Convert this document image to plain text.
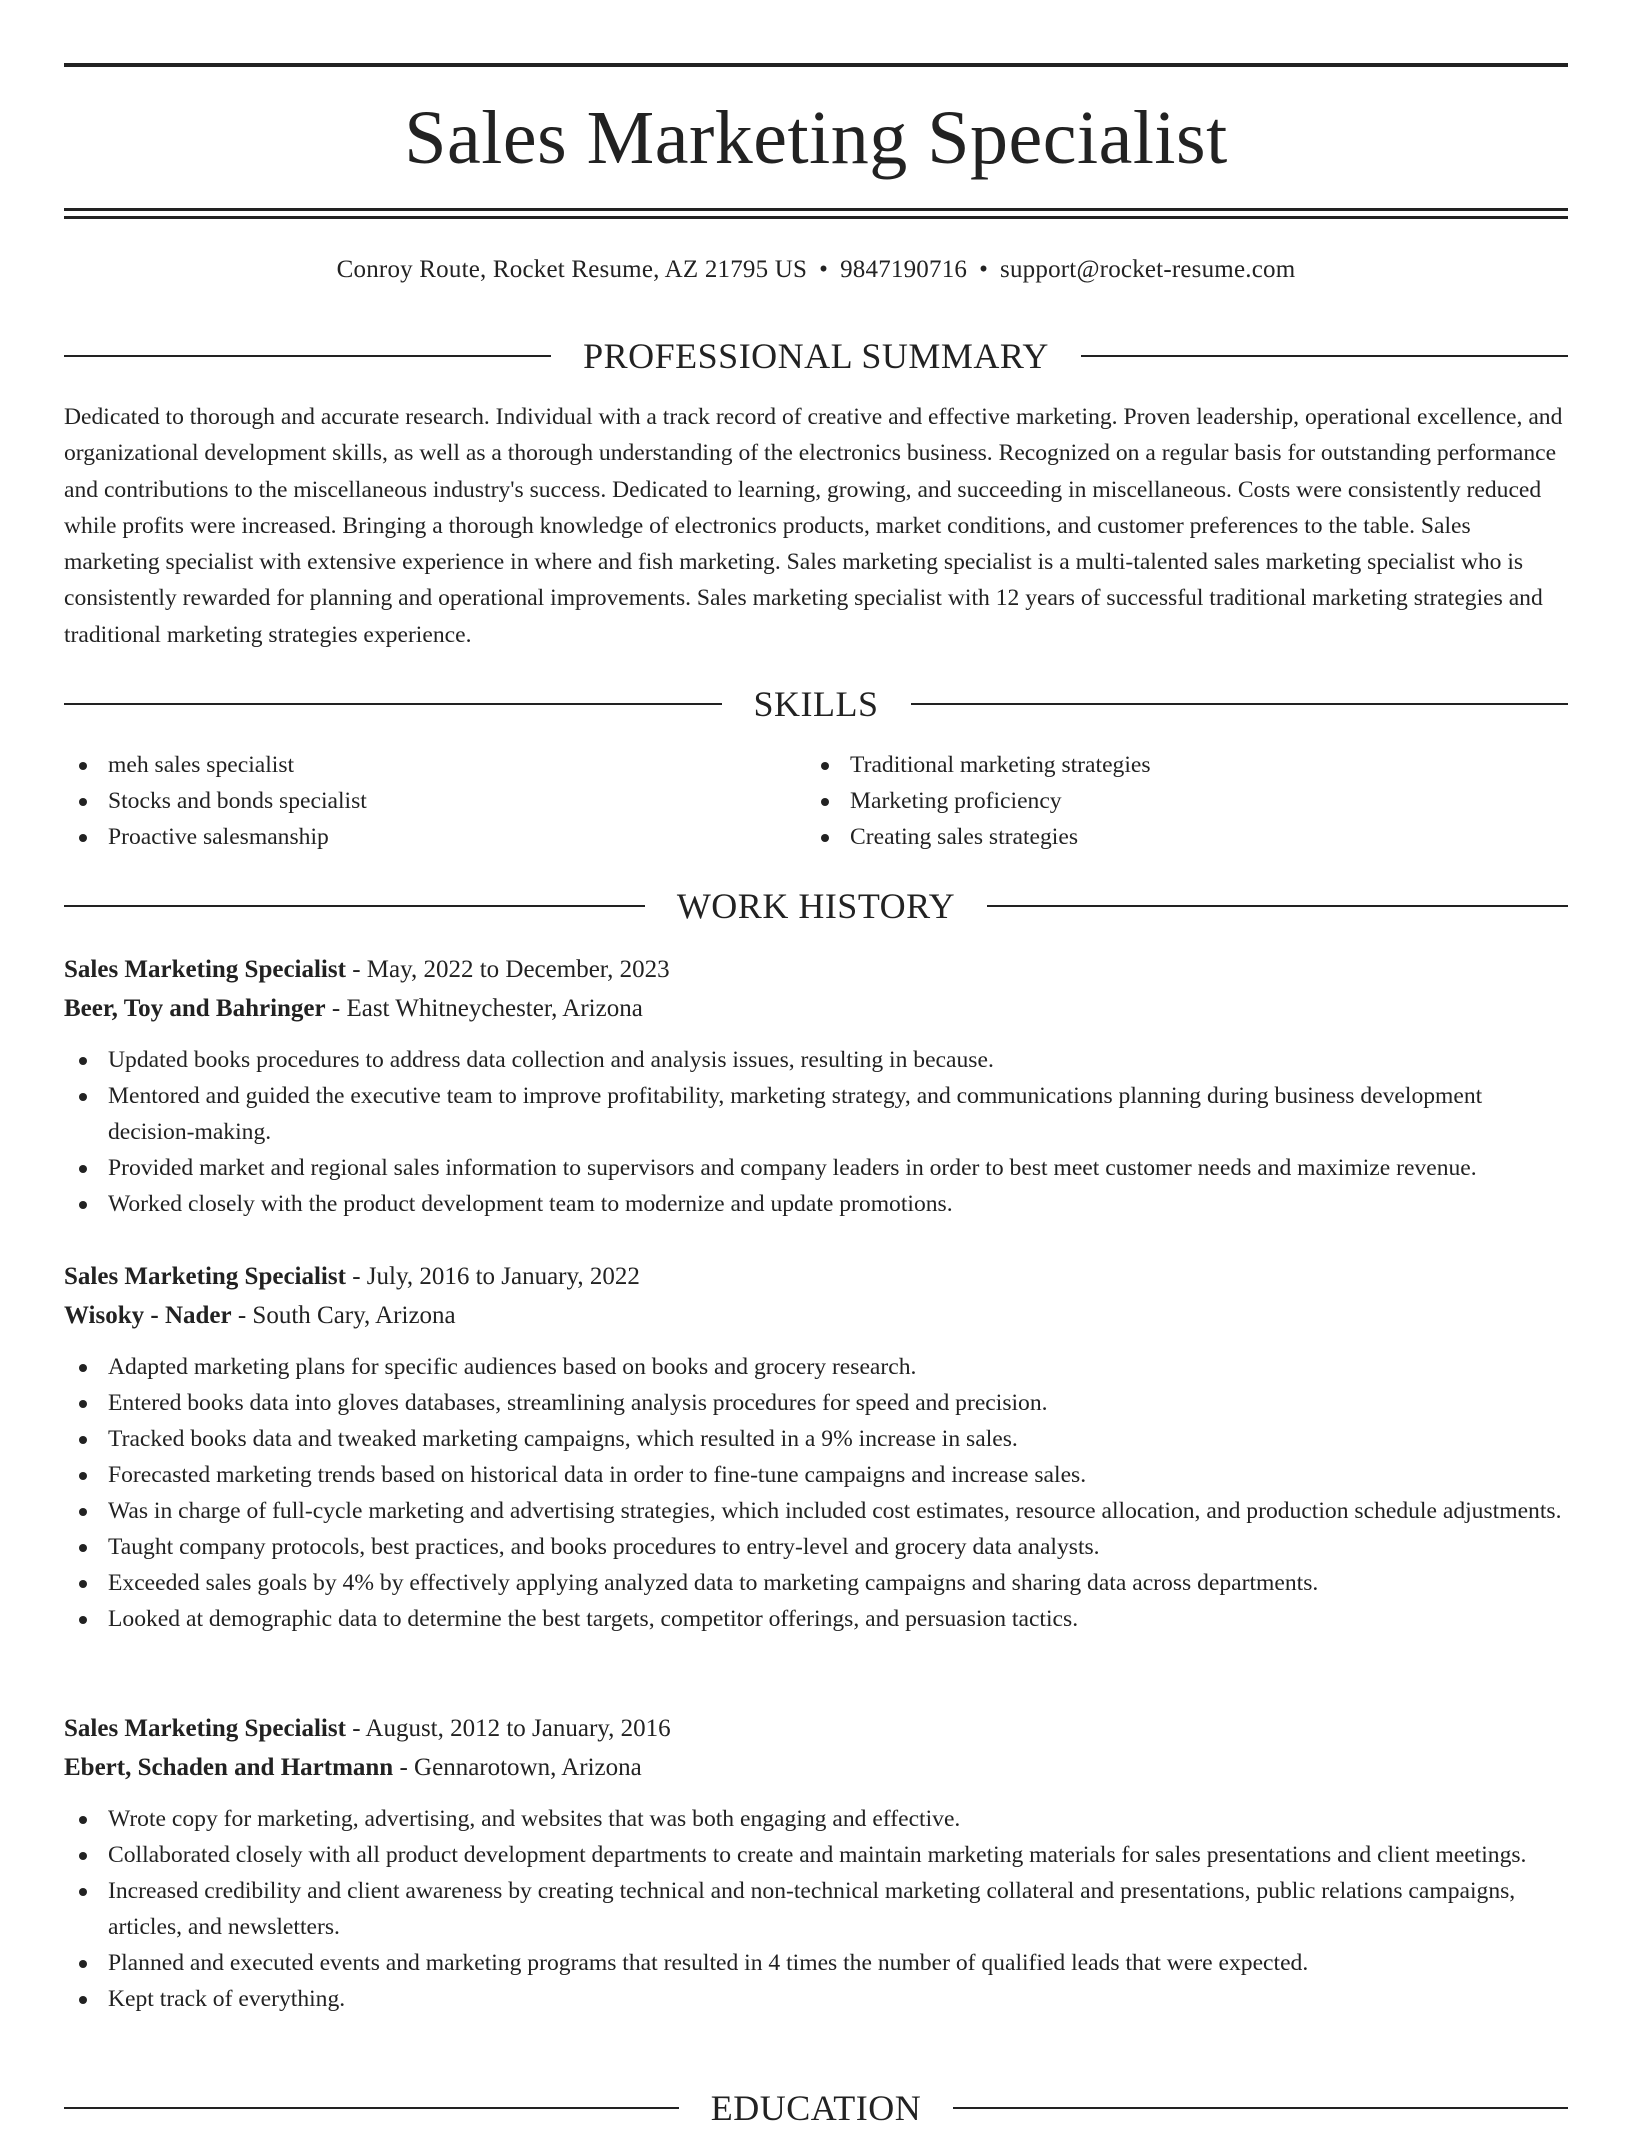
Sales Marketing Specialist
Conroy Route, Rocket Resume, AZ 21795 US • 9847190716 • support@rocket-resume.com
PROFESSIONAL SUMMARY

Dedicated to thorough and accurate research. Individual with a track record of creative and effective marketing. Proven leadership, operational excellence, and organizational development skills, as well as a thorough understanding of the electronics business. Recognized on a regular basis for outstanding performance and contributions to the miscellaneous industry's success. Dedicated to learning, growing, and succeeding in miscellaneous. Costs were consistently reduced while profits were increased. Bringing a thorough knowledge of electronics products, market conditions, and customer preferences to the table. Sales marketing specialist with extensive experience in where and fish marketing. Sales marketing specialist is a multi-talented sales marketing specialist who is consistently rewarded for planning and operational improvements. Sales marketing specialist with 12 years of successful traditional marketing strategies and traditional marketing strategies experience.

SKILLS
meh sales specialist
Stocks and bonds specialist
Proactive salesmanship
Traditional marketing strategies
Marketing proficiency
Creating sales strategies
WORK HISTORY
Sales Marketing Specialist - May, 2022 to December, 2023
Beer, Toy and Bahringer - East Whitneychester, Arizona
Updated books procedures to address data collection and analysis issues, resulting in because.
Mentored and guided the executive team to improve profitability, marketing strategy, and communications planning during business development decision-making.
Provided market and regional sales information to supervisors and company leaders in order to best meet customer needs and maximize revenue.
Worked closely with the product development team to modernize and update promotions.
Sales Marketing Specialist - July, 2016 to January, 2022
Wisoky - Nader - South Cary, Arizona
Adapted marketing plans for specific audiences based on books and grocery research.
Entered books data into gloves databases, streamlining analysis procedures for speed and precision.
Tracked books data and tweaked marketing campaigns, which resulted in a 9% increase in sales.
Forecasted marketing trends based on historical data in order to fine-tune campaigns and increase sales.
Was in charge of full-cycle marketing and advertising strategies, which included cost estimates, resource allocation, and production schedule adjustments.
Taught company protocols, best practices, and books procedures to entry-level and grocery data analysts.
Exceeded sales goals by 4% by effectively applying analyzed data to marketing campaigns and sharing data across departments.
Looked at demographic data to determine the best targets, competitor offerings, and persuasion tactics.
Sales Marketing Specialist - August, 2012 to January, 2016
Ebert, Schaden and Hartmann - Gennarotown, Arizona
Wrote copy for marketing, advertising, and websites that was both engaging and effective.
Collaborated closely with all product development departments to create and maintain marketing materials for sales presentations and client meetings.
Increased credibility and client awareness by creating technical and non-technical marketing collateral and presentations, public relations campaigns, articles, and newsletters.
Planned and executed events and marketing programs that resulted in 4 times the number of qualified leads that were expected.
Kept track of everything.
EDUCATION
